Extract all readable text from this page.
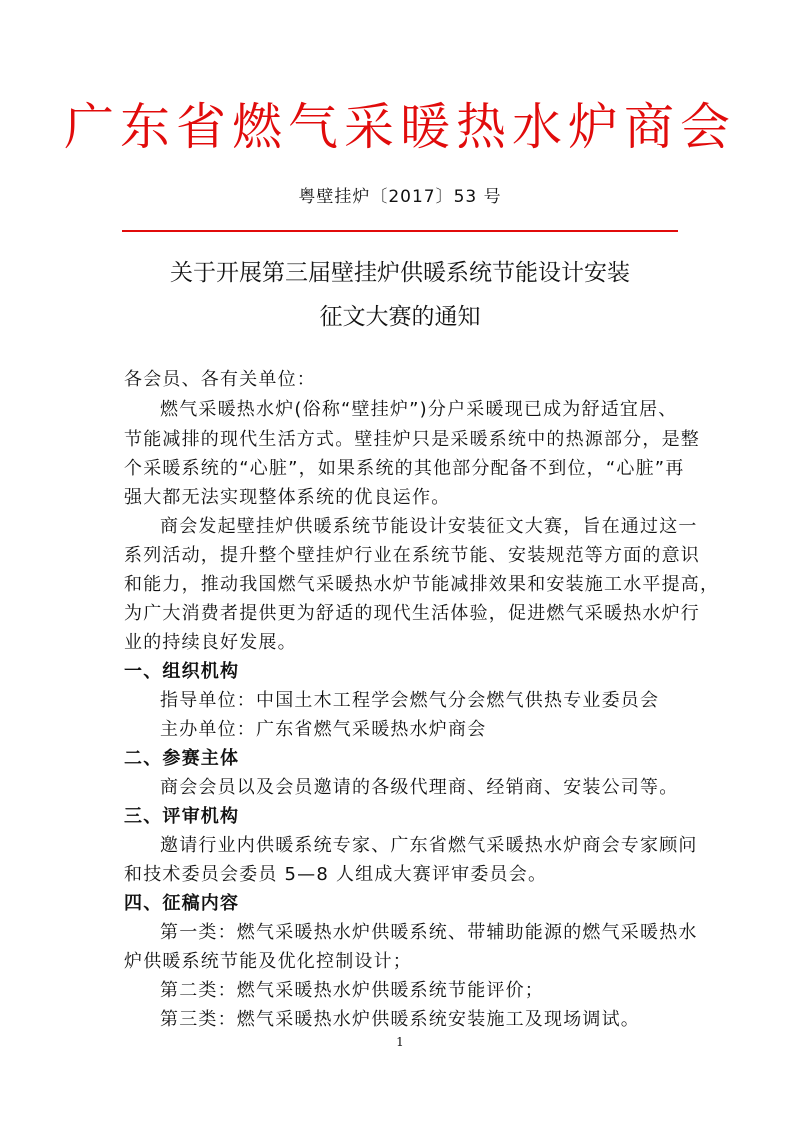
广东省燃气采暖热水炉商会
粤壁挂炉〔2017〕53 号
关于开展第三届壁挂炉供暖系统节能设计安装
征文大赛的通知
各会员、各有关单位：
燃气采暖热水炉(俗称“壁挂炉”)分户采暖现已成为舒适宜居、
节能减排的现代生活方式。壁挂炉只是采暖系统中的热源部分，是整
个采暖系统的“心脏”，如果系统的其他部分配备不到位，“心脏”再
强大都无法实现整体系统的优良运作。
商会发起壁挂炉供暖系统节能设计安装征文大赛，旨在通过这一
系列活动，提升整个壁挂炉行业在系统节能、安装规范等方面的意识
和能力，推动我国燃气采暖热水炉节能减排效果和安装施工水平提高，
为广大消费者提供更为舒适的现代生活体验，促进燃气采暖热水炉行
业的持续良好发展。
一、组织机构
指导单位：中国土木工程学会燃气分会燃气供热专业委员会
主办单位：广东省燃气采暖热水炉商会
二、参赛主体
商会会员以及会员邀请的各级代理商、经销商、安装公司等。
三、评审机构
邀请行业内供暖系统专家、广东省燃气采暖热水炉商会专家顾问
和技术委员会委员 5—8 人组成大赛评审委员会。
四、征稿内容
第一类：燃气采暖热水炉供暖系统、带辅助能源的燃气采暖热水
炉供暖系统节能及优化控制设计；
第二类：燃气采暖热水炉供暖系统节能评价；
第三类：燃气采暖热水炉供暖系统安装施工及现场调试。
1
